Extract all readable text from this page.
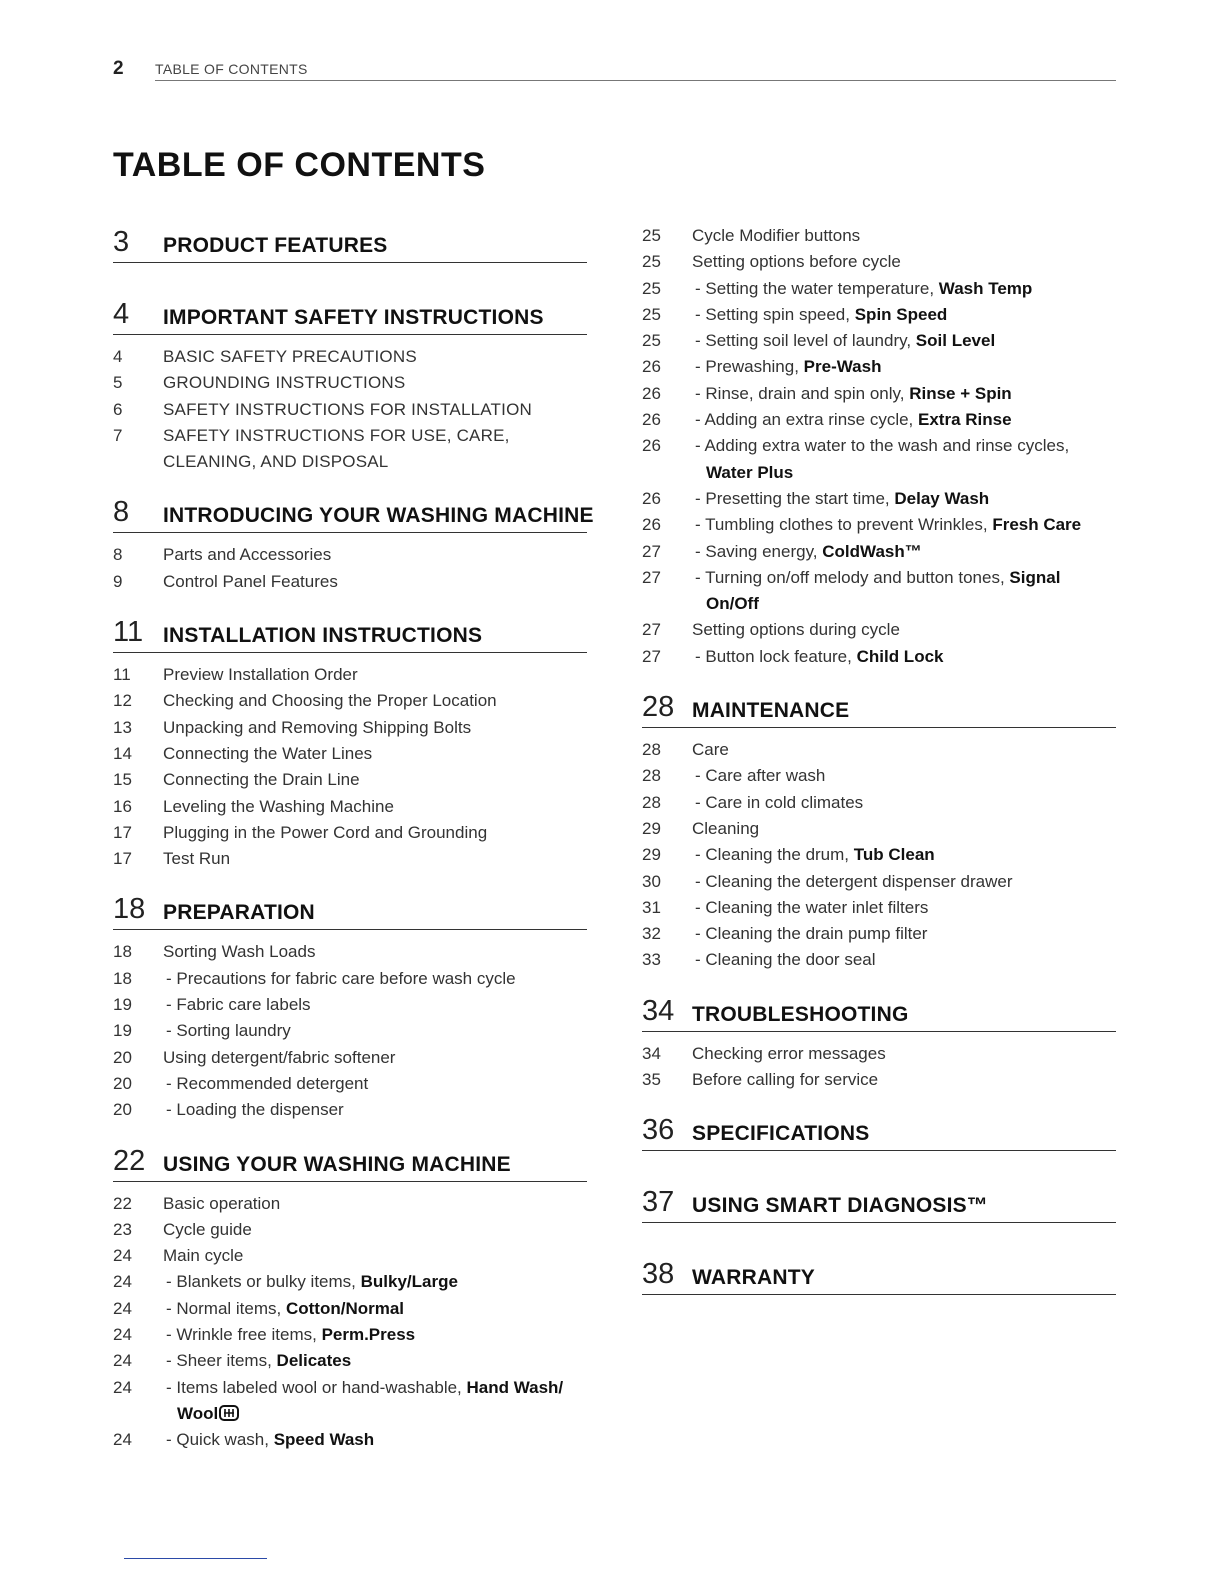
2 TABLE OF CONTENTS
TABLE OF CONTENTS
3 PRODUCT FEATURES
4 IMPORTANT SAFETY INSTRUCTIONS
4	BASIC SAFETY PRECAUTIONS
5	GROUNDING INSTRUCTIONS
6	SAFETY INSTRUCTIONS FOR INSTALLATION
7	SAFETY INSTRUCTIONS FOR USE, CARE,
CLEANING, AND DISPOSAL
8 INTRODUCING YOUR WASHING MACHINE
8	Parts and Accessories
9	Control Panel Features
11 INSTALLATION INSTRUCTIONS
11	Preview Installation Order
12	Checking and Choosing the Proper Location
13	Unpacking and Removing Shipping Bolts
14	Connecting the Water Lines
15	Connecting the Drain Line
16	Leveling the Washing Machine
17	Plugging in the Power Cord and Grounding
17	Test Run
18 PREPARATION
18	Sorting Wash Loads
18	- Precautions for fabric care before wash cycle
19	- Fabric care labels
19	- Sorting laundry
20	Using detergent/fabric softener
20	- Recommended detergent
20	- Loading the dispenser
22 USING YOUR WASHING MACHINE
22	Basic operation
23	Cycle guide
24	Main cycle
24	- Blankets or bulky items, Bulky/Large
24	- Normal items, Cotton/Normal
24	- Wrinkle free items, Perm.Press
24	- Sheer items, Delicates
24	- Items labeled wool or hand-washable, Hand Wash/
Wool
24	- Quick wash, Speed Wash
25	Cycle Modifier buttons
25	Setting options before cycle
25	- Setting the water temperature, Wash Temp
25	- Setting spin speed, Spin Speed
25	- Setting soil level of laundry, Soil Level
26	- Prewashing, Pre-Wash
26	- Rinse, drain and spin only, Rinse + Spin
26	- Adding an extra rinse cycle, Extra Rinse
26	- Adding extra water to the wash and rinse cycles,
Water Plus
26	- Presetting the start time, Delay Wash
26	- Tumbling clothes to prevent Wrinkles, Fresh Care
27	- Saving energy, ColdWash™
27	- Turning on/off melody and button tones, Signal
On/Off
27	Setting options during cycle
27	- Button lock feature, Child Lock
28 MAINTENANCE
28	Care
28	- Care after wash
28	- Care in cold climates
29	Cleaning
29	- Cleaning the drum, Tub Clean
30	- Cleaning the detergent dispenser drawer
31	- Cleaning the water inlet filters
32	- Cleaning the drain pump filter
33	- Cleaning the door seal
34 TROUBLESHOOTING
34	Checking error messages
35	Before calling for service
36 SPECIFICATIONS
37 USING SMART DIAGNOSIS™
38 WARRANTY
